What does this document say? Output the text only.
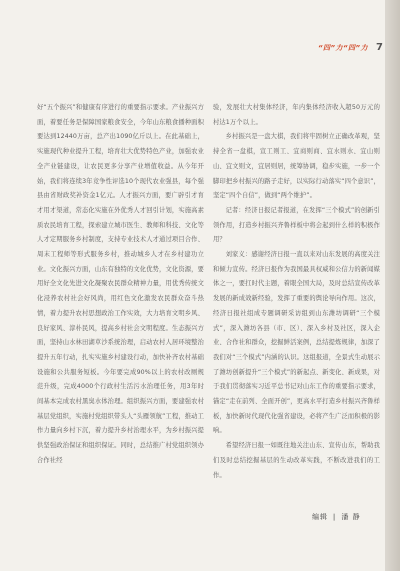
“四”力“四”力 7

好“五个振兴”和健康有序进行的重要指示要求。产业振兴方面，着要任务是保障国家粮食安全，今年山东粮食播种面积要达到12440万亩，总产出1090亿斤以上。在此基础上，实施现代种业提升工程，培育壮大优势特色产业，加强农业全产业链建设，让农民更多分享产业增值收益。从今年开始，我们将连续3年竞争性评选10个现代农业强县，每个强县由省财政奖补资金1亿元。人才振兴方面，要广辟引才育才用才渠道，常态化实施在外优秀人才回引计划，实施高素质农民培育工程，探索建立城市医生、教师和科技、文化等人才定期服务乡村制度，支持专业技术人才通过项目合作、周末工程师等形式服务乡村，推动城乡人才在乡村建功立业。文化振兴方面，山东有独特的文化优势，文化资源，要用好全文化先进文化凝聚农民群众精神力量，用优秀传统文化浸养农村社会好风尚，用红色文化激发农民群众奋斗热情，着力提升农村思想政治工作实效，大力培育文明乡风、良好家风、淳朴民风，提高乡村社会文明程度。生态振兴方面，坚持山水林田湖草沙系统治理，启动农村人居环境整治提升五年行动，扎实实施乡村建设行动，加快补齐农村基础设施和公共服务短板。今年要完成90%以上的农村改厕规范升级，完成4000个行政村生活污水治理任务，用3年时间基本完成农村黑臭水体治理。组织振兴方面，要建强农村基层党组织，实施村党组织带头人“头雁领航”工程，推动工作力量向乡村下沉，着力提升乡村治理水平，为乡村振兴提供坚强政治保证和组织保证。同时，总结推广村党组织领办合作社经

验，发展壮大村集体经济，年内集体经济收入超50万元的村达1万个以上。

乡村振兴是一盘大棋，我们将牢固树立正确改革观，坚持全省一盘棋，宣工则工、宜商则商、宜水则水、宜山则山、宜文则文，宜居则居，统筹协调，稳步实施，一步一个脚印把乡村振兴的路子走好，以实际行动落实“四个意识”，坚定“四个自信”，做到“两个维护”。

记者：经济日报记者报道，在发挥“三个模式”的创新引领作用，打造乡村振兴齐鲁样板中将会起到什么样的积极作用？

刘家义：感谢经济日报一直以来对山东发展的高度关注和倾力宣传。经济日报作为我国最具权威和公信力的新闻媒体之一，要扛时代主题，着眼全国大局，及时总结宣传改革发展的新成效新经验，发挥了重要的舆论导向作用。这次，经济日报社组成专题调研采访组到山东潍坊调研“三个模式”，深入潍坊各县（市、区）、深入乡村及社区，深入企业、合作社和群众，挖掘鲜活案例，总结提炼规律，加深了我们对“三个模式”内涵的认识。这组报道，全景式生动展示了潍坊创新提升“三个模式”的新起点、新变化、新成果，对于我们贯彻落实习近平总书记对山东工作的重要指示要求，锚定“走在前列、全面开创”，更高水平打造乡村振兴齐鲁样板，加快新时代现代化强省建设，必将产生广泛而积极的影响。

希望经济日报一如既往地关注山东、宣传山东，帮助我们及时总结挖掘基层的生动改革实践，不断改进我们的工作。

编辑 ❘ 潘 静
